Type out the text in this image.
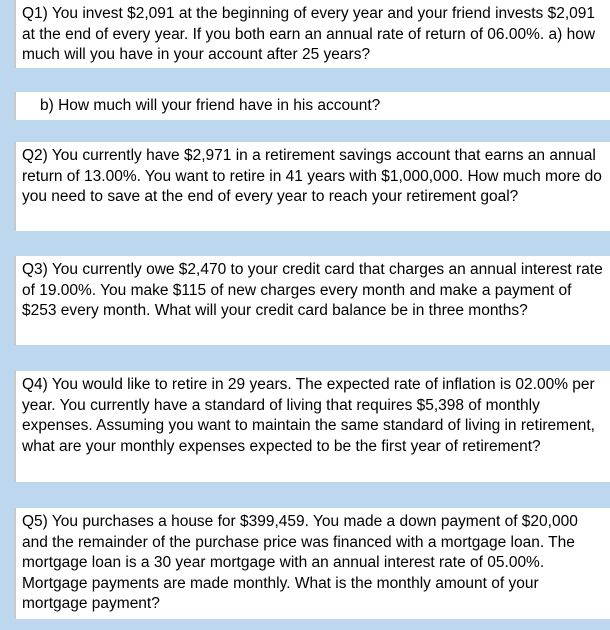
Q1) You invest $2,091 at the beginning of every year and your friend invests $2,091 at the end of every year. If you both earn an annual rate of return of 06.00%. a) how much will you have in your account after 25 years?
b) How much will your friend have in his account?
Q2) You currently have $2,971 in a retirement savings account that earns an annual return of 13.00%. You want to retire in 41 years with $1,000,000. How much more do you need to save at the end of every year to reach your retirement goal?
Q3) You currently owe $2,470 to your credit card that charges an annual interest rate of 19.00%. You make $115 of new charges every month and make a payment of $253 every month. What will your credit card balance be in three months?
Q4) You would like to retire in 29 years. The expected rate of inflation is 02.00% per year. You currently have a standard of living that requires $5,398 of monthly expenses. Assuming you want to maintain the same standard of living in retirement, what are your monthly expenses expected to be the first year of retirement?
Q5) You purchases a house for $399,459. You made a down payment of $20,000 and the remainder of the purchase price was financed with a mortgage loan. The mortgage loan is a 30 year mortgage with an annual interest rate of 05.00%. Mortgage payments are made monthly. What is the monthly amount of your mortgage payment?
